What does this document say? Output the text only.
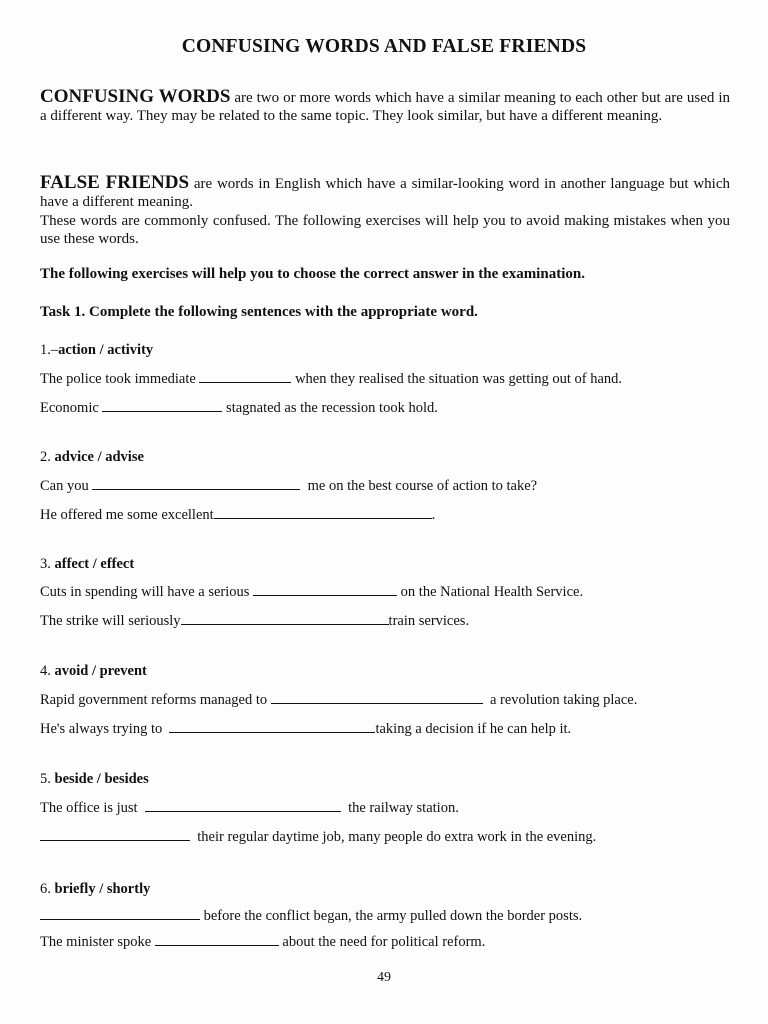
CONFUSING WORDS AND FALSE FRIENDS
CONFUSING WORDS are two or more words which have a similar meaning to each other but are used in a different way. They may be related to the same topic. They look similar, but have a different meaning.
FALSE FRIENDS are words in English which have a similar-looking word in another language but which have a different meaning.
These words are commonly confused. The following exercises will help you to avoid making mistakes when you use these words.
The following exercises will help you to choose the correct answer in the examination.
Task 1. Complete the following sentences with the appropriate word.
1.–action / activity
The police took immediate	when they realised the situation was getting out of hand.
Economic	stagnated as the recession took hold.
2. advice / advise
Can you	me on the best course of action to take?
He offered me some excellent	.
3. affect / effect
Cuts in spending will have a serious	on the National Health Service.
The strike will seriously	train services.
4. avoid / prevent
Rapid government reforms managed to	a revolution taking place.
He's always trying to	taking a decision if he can help it.
5. beside / besides
The office is just	the railway station.
their regular daytime job, many people do extra work in the evening.
6. briefly / shortly
before the conflict began, the army pulled down the border posts.
The minister spoke	about the need for political reform.
49
